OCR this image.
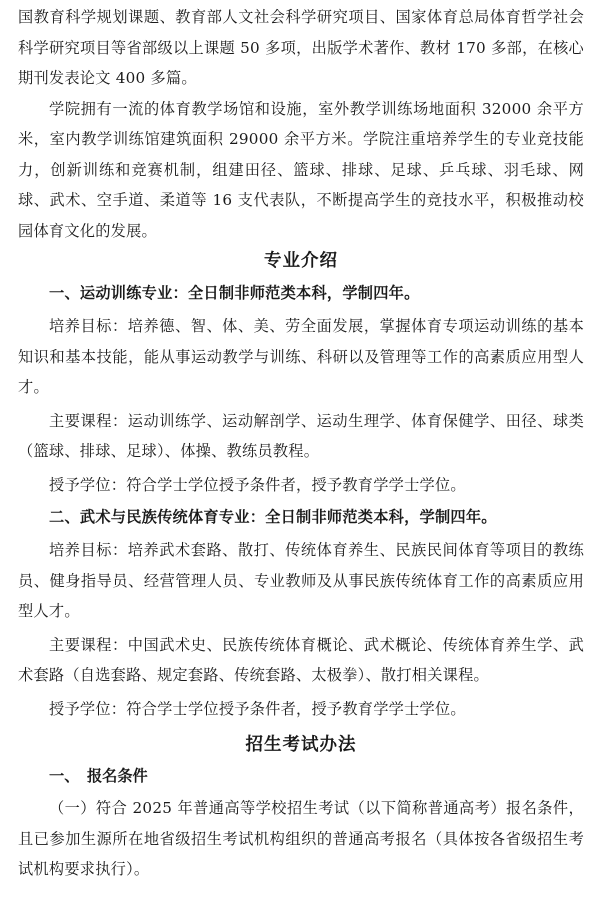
国教育科学规划课题、教育部人文社会科学研究项目、国家体育总局体育哲学社会科学研究项目等省部级以上课题 50 多项，出版学术著作、教材 170 多部，在核心期刊发表论文 400 多篇。

学院拥有一流的体育教学场馆和设施，室外教学训练场地面积 32000 余平方米，室内教学训练馆建筑面积 29000 余平方米。学院注重培养学生的专业竞技能力，创新训练和竞赛机制，组建田径、篮球、排球、足球、乒乓球、羽毛球、网球、武术、空手道、柔道等 16 支代表队，不断提高学生的竞技水平，积极推动校园体育文化的发展。

专业介绍

一、运动训练专业：全日制非师范类本科，学制四年。

培养目标：培养德、智、体、美、劳全面发展，掌握体育专项运动训练的基本知识和基本技能，能从事运动教学与训练、科研以及管理等工作的高素质应用型人才。

主要课程：运动训练学、运动解剖学、运动生理学、体育保健学、田径、球类（篮球、排球、足球）、体操、教练员教程。

授予学位：符合学士学位授予条件者，授予教育学学士学位。

二、武术与民族传统体育专业：全日制非师范类本科，学制四年。

培养目标：培养武术套路、散打、传统体育养生、民族民间体育等项目的教练员、健身指导员、经营管理人员、专业教师及从事民族传统体育工作的高素质应用型人才。

主要课程：中国武术史、民族传统体育概论、武术概论、传统体育养生学、武术套路（自选套路、规定套路、传统套路、太极拳）、散打相关课程。

授予学位：符合学士学位授予条件者，授予教育学学士学位。

招生考试办法

一、　报名条件

（一）符合 2025 年普通高等学校招生考试（以下简称普通高考）报名条件，且已参加生源所在地省级招生考试机构组织的普通高考报名（具体按各省级招生考试机构要求执行）。
